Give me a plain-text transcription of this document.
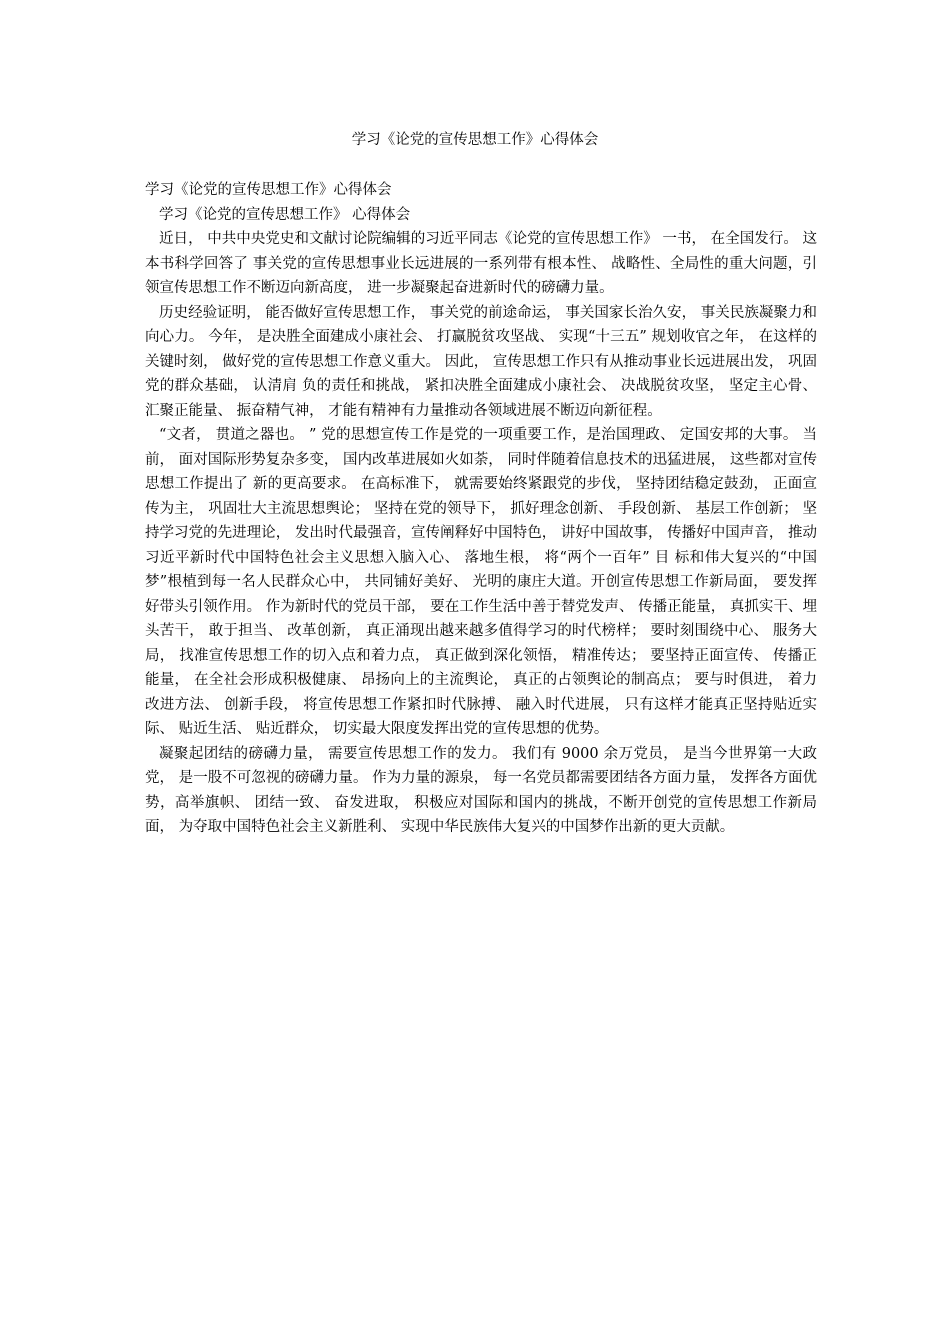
学习《论党的宣传思想工作》心得体会

学习《论党的宣传思想工作》心得体会

学习《论党的宣传思想工作》 心得体会

近日， 中共中央党史和文献讨论院编辑的习近平同志《论党的宣传思想工作》 一书， 在全国发行。 这本书科学回答了 事关党的宣传思想事业长远进展的一系列带有根本性、 战略性、全局性的重大问题，引领宣传思想工作不断迈向新高度， 进一步凝聚起奋进新时代的磅礴力量。

历史经验证明， 能否做好宣传思想工作， 事关党的前途命运， 事关国家长治久安， 事关民族凝聚力和向心力。 今年， 是决胜全面建成小康社会、 打赢脱贫攻坚战、 实现“十三五” 规划收官之年， 在这样的关键时刻， 做好党的宣传思想工作意义重大。 因此， 宣传思想工作只有从推动事业长远进展出发， 巩固党的群众基础， 认清肩 负的责任和挑战， 紧扣决胜全面建成小康社会、 决战脱贫攻坚， 坚定主心骨、汇聚正能量、 振奋精气神， 才能有精神有力量推动各领域进展不断迈向新征程。

“文者， 贯道之器也。 ” 党的思想宣传工作是党的一项重要工作，是治国理政、 定国安邦的大事。 当前， 面对国际形势复杂多变， 国内改革进展如火如荼， 同时伴随着信息技术的迅猛进展， 这些都对宣传思想工作提出了 新的更高要求。 在高标准下， 就需要始终紧跟党的步伐， 坚持团结稳定鼓劲， 正面宣传为主， 巩固壮大主流思想舆论； 坚持在党的领导下， 抓好理念创新、 手段创新、 基层工作创新； 坚持学习党的先进理论， 发出时代最强音，宣传阐释好中国特色， 讲好中国故事， 传播好中国声音， 推动习近平新时代中国特色社会主义思想入脑入心、 落地生根， 将“两个一百年” 目 标和伟大复兴的“中国梦”根植到每一名人民群众心中， 共同铺好美好、 光明的康庄大道。开创宣传思想工作新局面， 要发挥好带头引领作用。 作为新时代的党员干部， 要在工作生活中善于替党发声、 传播正能量， 真抓实干、埋头苦干， 敢于担当、 改革创新， 真正涌现出越来越多值得学习的时代榜样； 要时刻围绕中心、 服务大局， 找准宣传思想工作的切入点和着力点， 真正做到深化领悟， 精准传达； 要坚持正面宣传、 传播正能量， 在全社会形成积极健康、 昂扬向上的主流舆论， 真正的占领舆论的制高点； 要与时俱进， 着力改进方法、 创新手段， 将宣传思想工作紧扣时代脉搏、 融入时代进展， 只有这样才能真正坚持贴近实际、 贴近生活、 贴近群众， 切实最大限度发挥出党的宣传思想的优势。

凝聚起团结的磅礴力量， 需要宣传思想工作的发力。 我们有 9000 余万党员， 是当今世界第一大政党， 是一股不可忽视的磅礴力量。 作为力量的源泉， 每一名党员都需要团结各方面力量， 发挥各方面优势，高举旗帜、 团结一致、 奋发进取， 积极应对国际和国内的挑战，不断开创党的宣传思想工作新局面， 为夺取中国特色社会主义新胜利、 实现中华民族伟大复兴的中国梦作出新的更大贡献。
